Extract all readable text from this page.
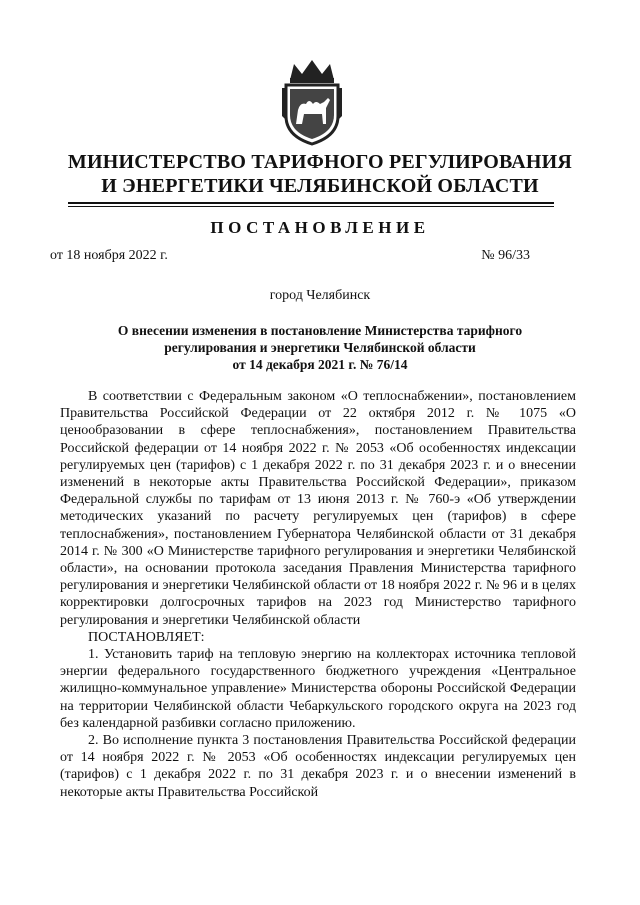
МИНИСТЕРСТВО ТАРИФНОГО РЕГУЛИРОВАНИЯ
И ЭНЕРГЕТИКИ ЧЕЛЯБИНСКОЙ ОБЛАСТИ
ПОСТАНОВЛЕНИЕ
от 18 ноября 2022 г.	№ 96/33
город Челябинск
О внесении изменения в постановление Министерства тарифного
регулирования и энергетики Челябинской области
от 14 декабря 2021 г. № 76/14

В соответствии с Федеральным законом «О теплоснабжении», постановлением Правительства Российской Федерации от 22 октября 2012 г. № 1075 «О ценообразовании в сфере теплоснабжения», постановлением Правительства Российской федерации от 14 ноября 2022 г. № 2053 «Об особенностях индексации регулируемых цен (тарифов) с 1 декабря 2022 г. по 31 декабря 2023 г. и о внесении изменений в некоторые акты Правительства Российской Федерации», приказом Федеральной службы по тарифам от 13 июня 2013 г. № 760-э «Об утверждении методических указаний по расчету регулируемых цен (тарифов) в сфере теплоснабжения», постановлением Губернатора Челябинской области от 31 декабря 2014 г. № 300 «О Министерстве тарифного регулирования и энергетики Челябинской области», на основании протокола заседания Правления Министерства тарифного регулирования и энергетики Челябинской области от 18 ноября 2022 г. № 96 и в целях корректировки долгосрочных тарифов на 2023 год Министерство тарифного регулирования и энергетики Челябинской области

ПОСТАНОВЛЯЕТ:

1. Установить тариф на тепловую энергию на коллекторах источника тепловой энергии федерального государственного бюджетного учреждения «Центральное жилищно-коммунальное управление» Министерства обороны Российской Федерации на территории Челябинской области Чебаркульского городского округа на 2023 год без календарной разбивки согласно приложению.

2. Во исполнение пункта 3 постановления Правительства Российской федерации от 14 ноября 2022 г. № 2053 «Об особенностях индексации регулируемых цен (тарифов) с 1 декабря 2022 г. по 31 декабря 2023 г. и о внесении изменений в некоторые акты Правительства Российской
